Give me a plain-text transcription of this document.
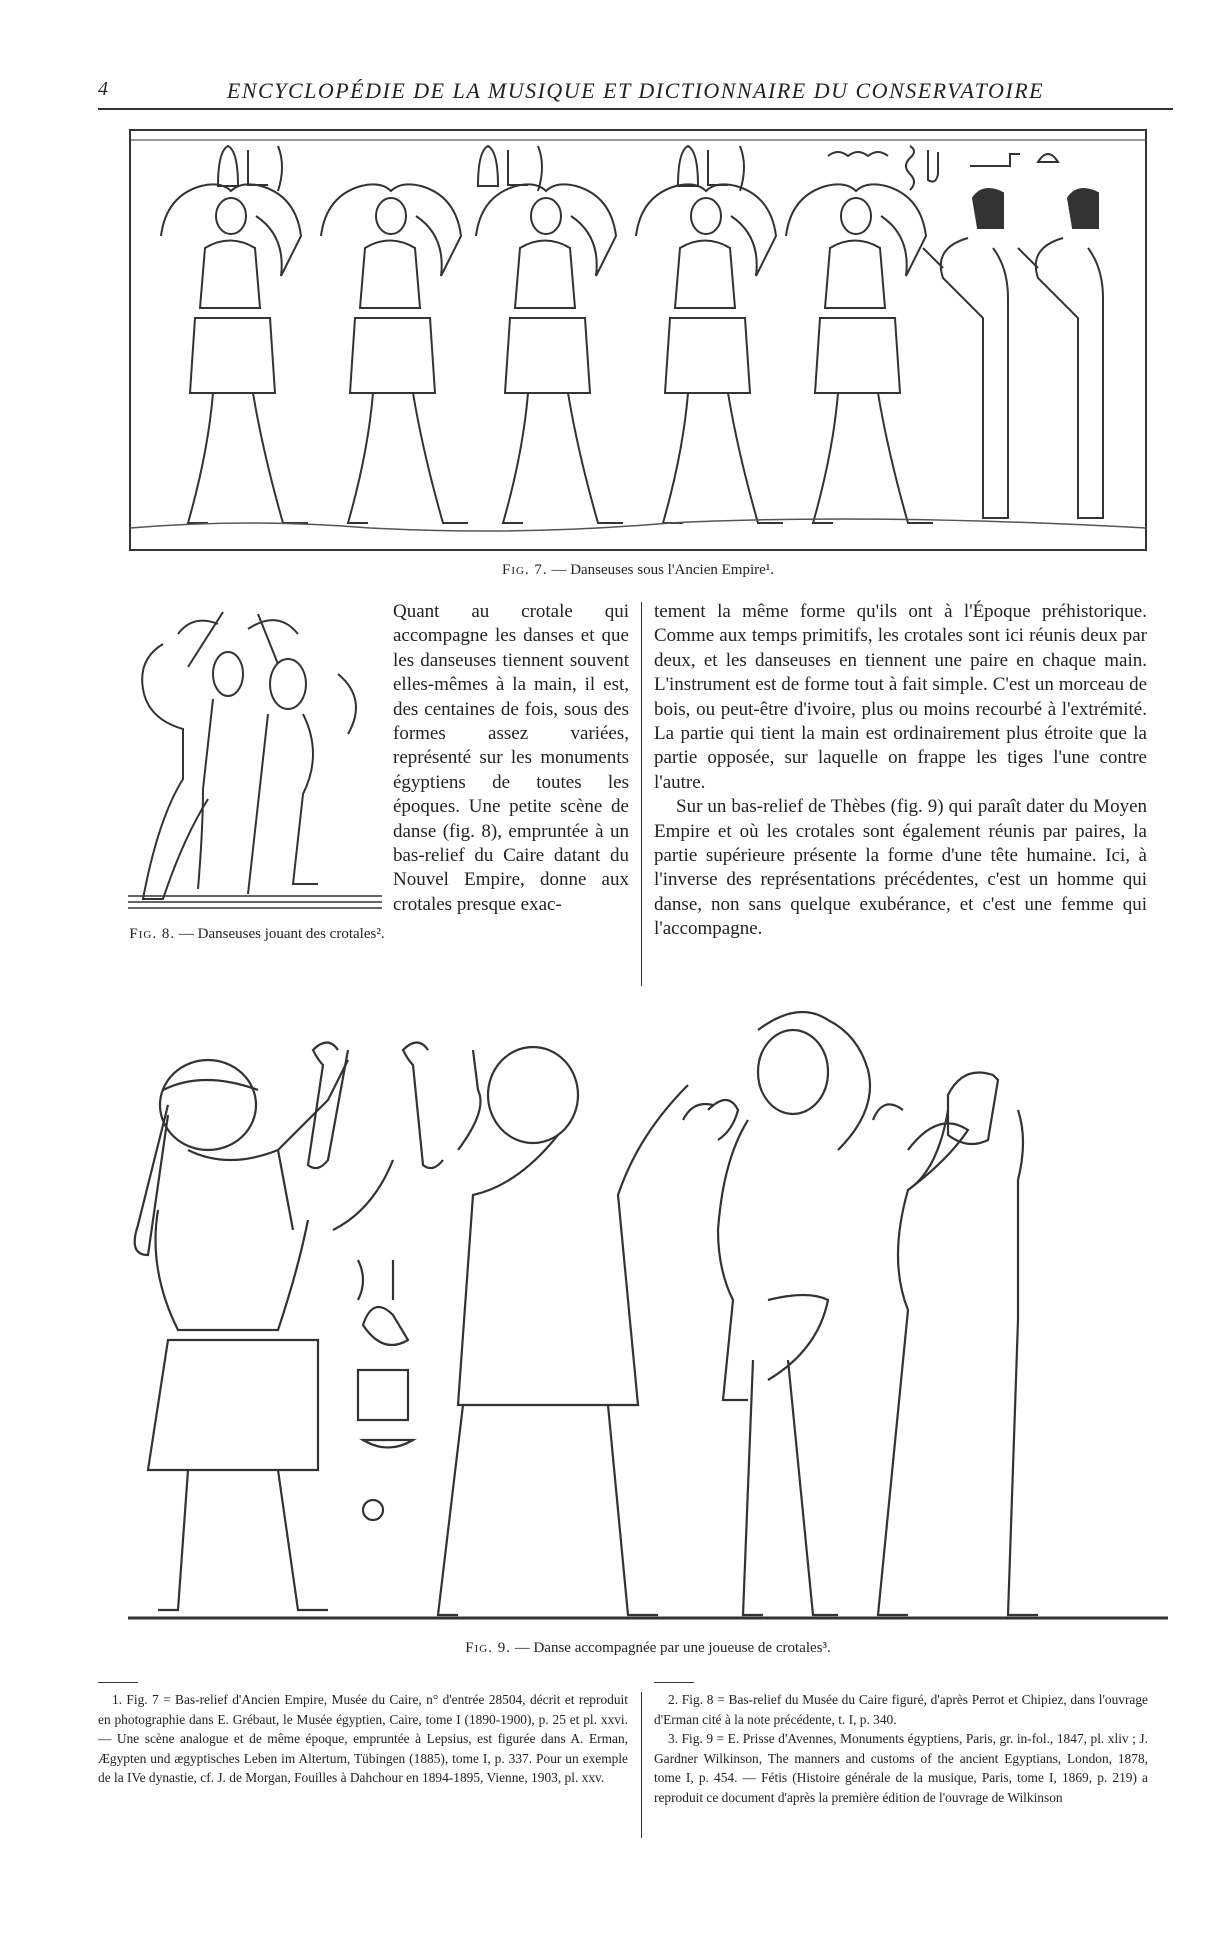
4	ENCYCLOPÉDIE DE LA MUSIQUE ET DICTIONNAIRE DU CONSERVATOIRE
Fig. 7. — Danseuses sous l'Ancien Empire¹.
Fig. 8. — Danseuses jouant des crotales².

Quant au crotale qui accompagne les danses et que les danseuses tiennent souvent elles-mêmes à la main, il est, des centaines de fois, sous des formes assez variées, représenté sur les monuments égyptiens de toutes les époques. Une petite scène de danse (fig. 8), empruntée à un bas-relief du Caire datant du Nouvel Empire, donne aux crotales presque exac-

tement la même forme qu'ils ont à l'Époque préhistorique. Comme aux temps primitifs, les crotales sont ici réunis deux par deux, et les danseuses en tiennent une paire en chaque main. L'instrument est de forme tout à fait simple. C'est un morceau de bois, ou peut-être d'ivoire, plus ou moins recourbé à l'extrémité. La partie qui tient la main est ordinairement plus étroite que la partie opposée, sur laquelle on frappe les tiges l'une contre l'autre.

Sur un bas-relief de Thèbes (fig. 9) qui paraît dater du Moyen Empire et où les crotales sont également réunis par paires, la partie supérieure présente la forme d'une tête humaine. Ici, à l'inverse des représentations précédentes, c'est un homme qui danse, non sans quelque exubérance, et c'est une femme qui l'accompagne.

Fig. 9. — Danse accompagnée par une joueuse de crotales³.

1. Fig. 7 = Bas-relief d'Ancien Empire, Musée du Caire, n° d'entrée 28504, décrit et reproduit en photographie dans E. Grébaut, le Musée égyptien, Caire, tome I (1890-1900), p. 25 et pl. xxvi. — Une scène analogue et de même époque, empruntée à Lepsius, est figurée dans A. Erman, Ægypten und ægyptisches Leben im Altertum, Tübingen (1885), tome I, p. 337. Pour un exemple de la IVe dynastie, cf. J. de Morgan, Fouilles à Dahchour en 1894-1895, Vienne, 1903, pl. xxv.

2. Fig. 8 = Bas-relief du Musée du Caire figuré, d'après Perrot et Chipiez, dans l'ouvrage d'Erman cité à la note précédente, t. I, p. 340.

3. Fig. 9 = E. Prisse d'Avennes, Monuments égyptiens, Paris, gr. in-fol., 1847, pl. xliv ; J. Gardner Wilkinson, The manners and customs of the ancient Egyptians, London, 1878, tome I, p. 454. — Fétis (Histoire générale de la musique, Paris, tome I, 1869, p. 219) a reproduit ce document d'après la première édition de l'ouvrage de Wilkinson
